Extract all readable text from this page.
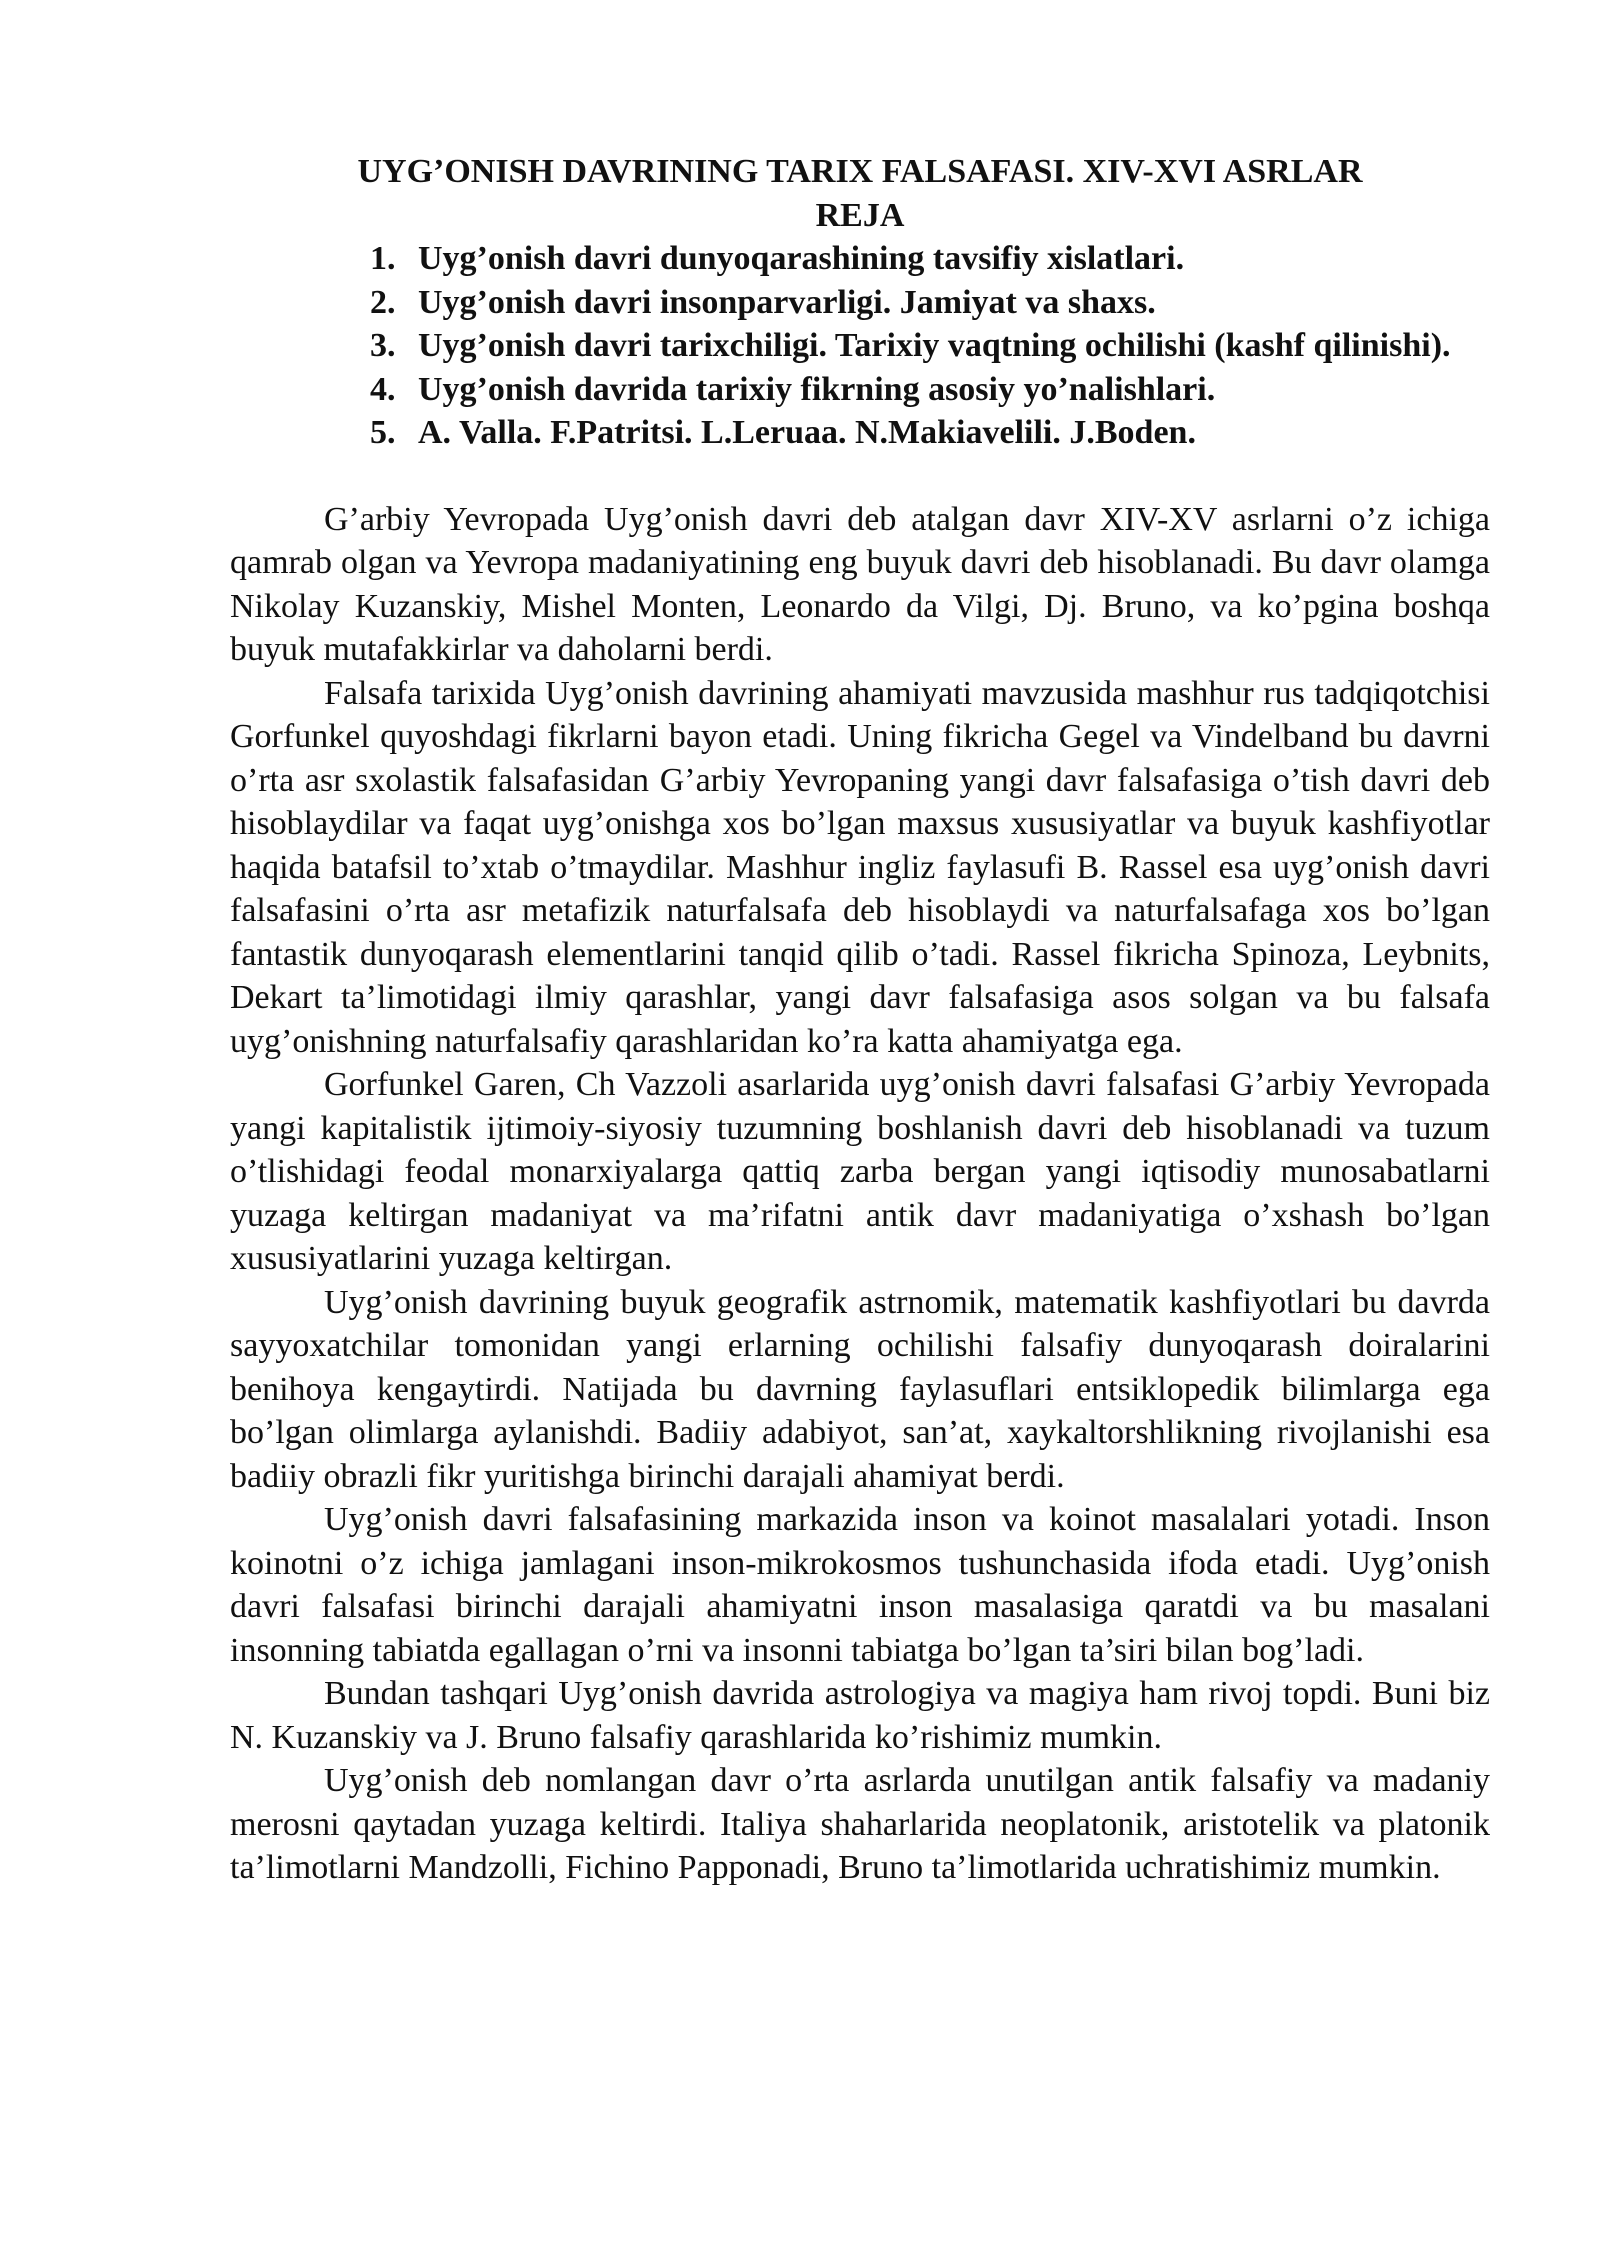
UYG’ONISH DAVRINING TARIX FALSAFASI. XIV-XVI ASRLAR
REJA
1. Uyg’onish davri dunyoqarashining tavsifiy xislatlari.
2. Uyg’onish davri insonparvarligi. Jamiyat va shaxs.
3. Uyg’onish davri tarixchiligi. Tarixiy vaqtning ochilishi (kashf qilinishi).
4. Uyg’onish davrida tarixiy fikrning asosiy yo’nalishlari.
5. A. Valla. F.Patritsi. L.Leruaa. N.Makiavelili. J.Boden.

G’arbiy Yevropada Uyg’onish davri deb atalgan davr XIV-XV asrlarni o’z ichiga qamrab olgan va Yevropa madaniyatining eng buyuk davri deb hisoblanadi. Bu davr olamga Nikolay Kuzanskiy, Mishel Monten, Leonardo da Vilgi, Dj. Bruno, va ko’pgina boshqa buyuk mutafakkirlar va daholarni berdi.

Falsafa tarixida Uyg’onish davrining ahamiyati mavzusida mashhur rus tadqiqotchisi Gorfunkel quyoshdagi fikrlarni bayon etadi. Uning fikricha Gegel va Vindelband bu davrni o’rta asr sxolastik falsafasidan G’arbiy Yevropaning yangi davr falsafasiga o’tish davri deb hisoblaydilar va faqat uyg’onishga xos bo’lgan maxsus xususiyatlar va buyuk kashfiyotlar haqida batafsil to’xtab o’tmaydilar. Mashhur ingliz faylasufi B. Rassel esa uyg’onish davri falsafasini o’rta asr metafizik naturfalsafa deb hisoblaydi va naturfalsafaga xos bo’lgan fantastik dunyoqarash elementlarini tanqid qilib o’tadi. Rassel fikricha Spinoza, Leybnits, Dekart ta’limotidagi ilmiy qarashlar, yangi davr falsafasiga asos solgan va bu falsafa uyg’onishning naturfalsafiy qarashlaridan ko’ra katta ahamiyatga ega.

Gorfunkel Garen, Ch Vazzoli asarlarida uyg’onish davri falsafasi G’arbiy Yevropada yangi kapitalistik ijtimoiy-siyosiy tuzumning boshlanish davri deb hisoblanadi va tuzum o’tlishidagi feodal monarxiyalarga qattiq zarba bergan yangi iqtisodiy munosabatlarni yuzaga keltirgan madaniyat va ma’rifatni antik davr madaniyatiga o’xshash bo’lgan xususiyatlarini yuzaga keltirgan.

Uyg’onish davrining buyuk geografik astrnomik, matematik kashfiyotlari bu davrda sayyoxatchilar tomonidan yangi erlarning ochilishi falsafiy dunyoqarash doiralarini benihoya kengaytirdi. Natijada bu davrning faylasuflari entsiklopedik bilimlarga ega bo’lgan olimlarga aylanishdi. Badiiy adabiyot, san’at, xaykaltorshlikning rivojlanishi esa badiiy obrazli fikr yuritishga birinchi darajali ahamiyat berdi.

Uyg’onish davri falsafasining markazida inson va koinot masalalari yotadi. Inson koinotni o’z ichiga jamlagani inson-mikrokosmos tushunchasida ifoda etadi. Uyg’onish davri falsafasi birinchi darajali ahamiyatni inson masalasiga qaratdi va bu masalani insonning tabiatda egallagan o’rni va insonni tabiatga bo’lgan ta’siri bilan bog’ladi.

Bundan tashqari Uyg’onish davrida astrologiya va magiya ham rivoj topdi. Buni biz N. Kuzanskiy va J. Bruno falsafiy qarashlarida ko’rishimiz mumkin.

Uyg’onish deb nomlangan davr o’rta asrlarda unutilgan antik falsafiy va madaniy merosni qaytadan yuzaga keltirdi. Italiya shaharlarida neoplatonik, aristotelik va platonik ta’limotlarni Mandzolli, Fichino Papponadi, Bruno ta’limotlarida uchratishimiz mumkin.
